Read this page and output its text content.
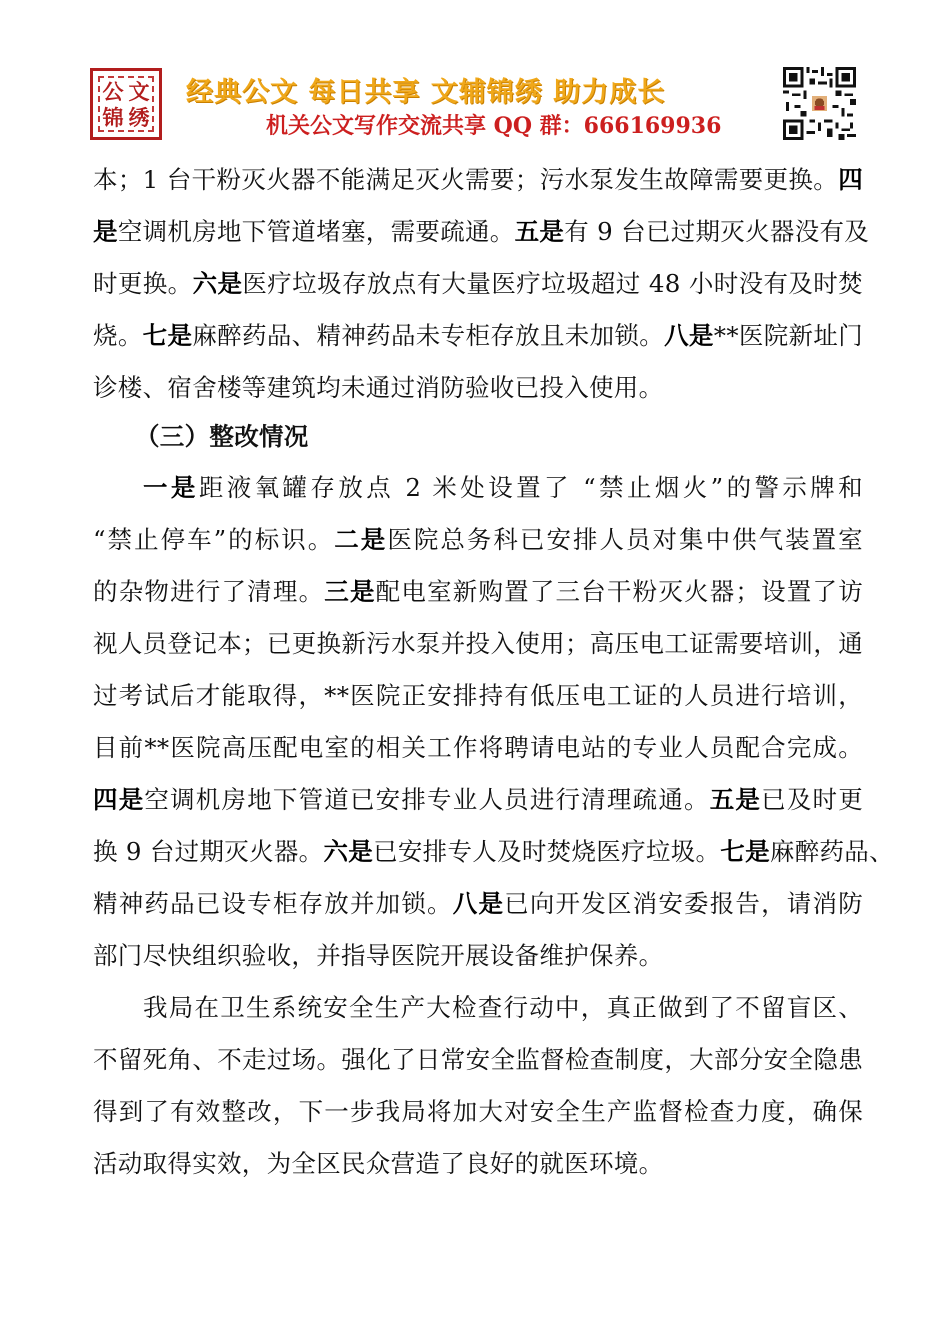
公 文
锦 绣
经典公文 每日共享 文辅锦绣 助力成长
机关公文写作交流共享 QQ 群：666169936
本；1 台干粉灭火器不能满足灭火需要；污水泵发生故障需要更换。四
是空调机房地下管道堵塞，需要疏通。五是有 9 台已过期灭火器没有及
时更换。六是医疗垃圾存放点有大量医疗垃圾超过 48 小时没有及时焚
烧。七是麻醉药品、精神药品未专柜存放且未加锁。八是**医院新址门
诊楼、宿舍楼等建筑均未通过消防验收已投入使用。
（三）整改情况
一是距液氧罐存放点 2 米处设置了 “禁止烟火”的警示牌和
“禁止停车”的标识。二是医院总务科已安排人员对集中供气装置室
的杂物进行了清理。三是配电室新购置了三台干粉灭火器；设置了访
视人员登记本；已更换新污水泵并投入使用；高压电工证需要培训，通
过考试后才能取得，**医院正安排持有低压电工证的人员进行培训，
目前**医院高压配电室的相关工作将聘请电站的专业人员配合完成。
四是空调机房地下管道已安排专业人员进行清理疏通。五是已及时更
换 9 台过期灭火器。六是已安排专人及时焚烧医疗垃圾。七是麻醉药品、
精神药品已设专柜存放并加锁。八是已向开发区消安委报告，请消防
部门尽快组织验收，并指导医院开展设备维护保养。
我局在卫生系统安全生产大检查行动中，真正做到了不留盲区、
不留死角、不走过场。强化了日常安全监督检查制度，大部分安全隐患
得到了有效整改，下一步我局将加大对安全生产监督检查力度，确保
活动取得实效，为全区民众营造了良好的就医环境。
